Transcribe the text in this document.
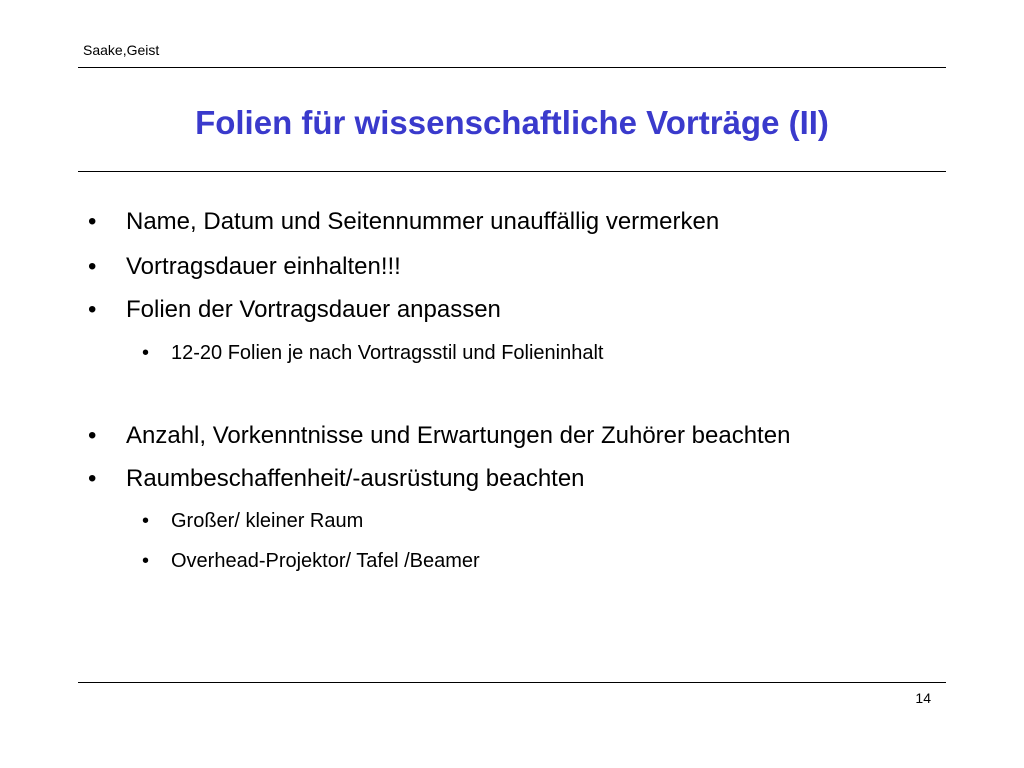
Saake,Geist
Folien für wissenschaftliche Vorträge (II)
• Name, Datum und Seitennummer unauffällig vermerken
• Vortragsdauer einhalten!!!
• Folien der Vortragsdauer anpassen
• 12-20 Folien je nach Vortragsstil und Folieninhalt
• Anzahl, Vorkenntnisse und Erwartungen der Zuhörer beachten
• Raumbeschaffenheit/-ausrüstung beachten
• Großer/ kleiner Raum
• Overhead-Projektor/ Tafel /Beamer
14
